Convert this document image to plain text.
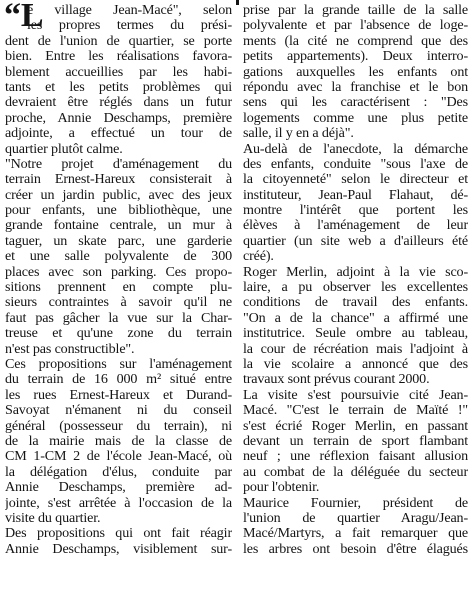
“L
e village Jean-Macé", selon
les propres termes du prési-
dent de l'union de quartier, se porte
bien. Entre les réalisations favora-
blement accueillies par les habi-
tants et les petits problèmes qui
devraient être réglés dans un futur
proche, Annie Deschamps, première
adjointe, a effectué un tour de
quartier plutôt calme.
"Notre projet d'aménagement du
terrain Ernest-Hareux consisterait à
créer un jardin public, avec des jeux
pour enfants, une bibliothèque, une
grande fontaine centrale, un mur à
taguer, un skate parc, une garderie
et une salle polyvalente de 300
places avec son parking. Ces propo-
sitions prennent en compte plu-
sieurs contraintes à savoir qu'il ne
faut pas gâcher la vue sur la Char-
treuse et qu'une zone du terrain
n'est pas constructible".
Ces propositions sur l'aménagement
du terrain de 16 000 m² situé entre
les rues Ernest-Hareux et Durand-
Savoyat n'émanent ni du conseil
général (possesseur du terrain), ni
de la mairie mais de la classe de
CM 1-CM 2 de l'école Jean-Macé, où
la délégation d'élus, conduite par
Annie Deschamps, première ad-
jointe, s'est arrêtée à l'occasion de la
visite du quartier.
Des propositions qui ont fait réagir
Annie Deschamps, visiblement sur-
prise par la grande taille de la salle
polyvalente et par l'absence de loge-
ments (la cité ne comprend que des
petits appartements). Deux interro-
gations auxquelles les enfants ont
répondu avec la franchise et le bon
sens qui les caractérisent : "Des
logements comme une plus petite
salle, il y en a déjà".
Au-delà de l'anecdote, la démarche
des enfants, conduite "sous l'axe de
la citoyenneté" selon le directeur et
instituteur, Jean-Paul Flahaut, dé-
montre l'intérêt que portent les
élèves à l'aménagement de leur
quartier (un site web a d'ailleurs été
créé).
Roger Merlin, adjoint à la vie sco-
laire, a pu observer les excellentes
conditions de travail des enfants.
"On a de la chance" a affirmé une
institutrice. Seule ombre au tableau,
la cour de récréation mais l'adjoint à
la vie scolaire a annoncé que des
travaux sont prévus courant 2000.
La visite s'est poursuivie cité Jean-
Macé. "C'est le terrain de Maïté !"
s'est écrié Roger Merlin, en passant
devant un terrain de sport flambant
neuf ; une réflexion faisant allusion
au combat de la déléguée du secteur
pour l'obtenir.
Maurice Fournier, président de
l'union de quartier Aragu/Jean-
Macé/Martyrs, a fait remarquer que
les arbres ont besoin d'être élagués
